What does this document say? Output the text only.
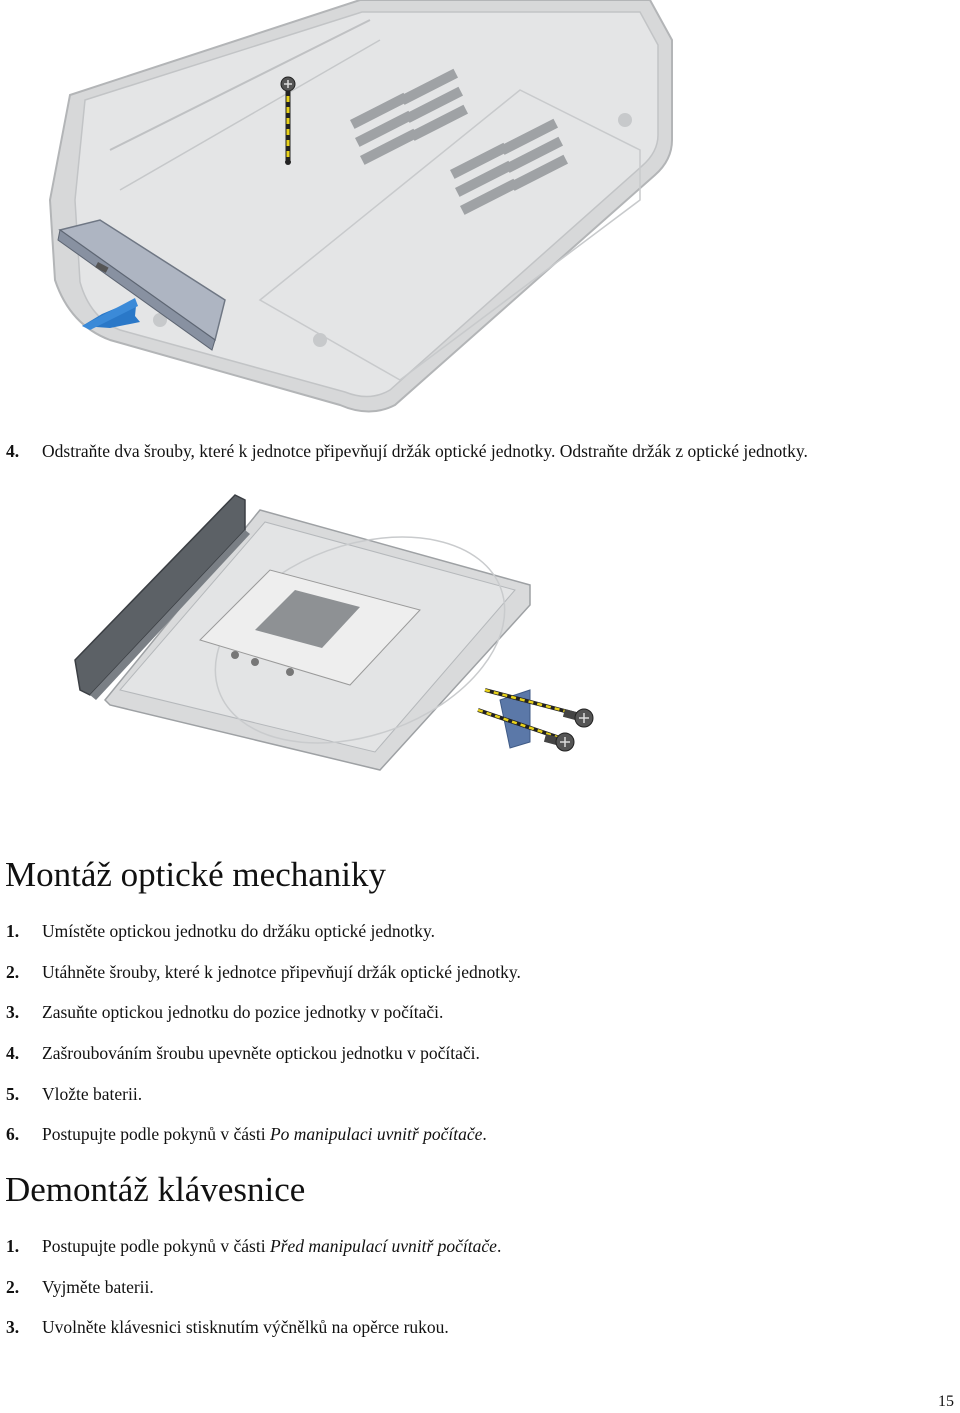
4. Odstraňte dva šrouby, které k jednotce připevňují držák optické jednotky. Odstraňte držák z optické jednotky.
Montáž optické mechaniky
1. Umístěte optickou jednotku do držáku optické jednotky.
2. Utáhněte šrouby, které k jednotce připevňují držák optické jednotky.
3. Zasuňte optickou jednotku do pozice jednotky v počítači.
4. Zašroubováním šroubu upevněte optickou jednotku v počítači.
5. Vložte baterii.
6. Postupujte podle pokynů v části Po manipulaci uvnitř počítače.
Demontáž klávesnice
1. Postupujte podle pokynů v části Před manipulací uvnitř počítače.
2. Vyjměte baterii.
3. Uvolněte klávesnici stisknutím výčnělků na opěrce rukou.
15
